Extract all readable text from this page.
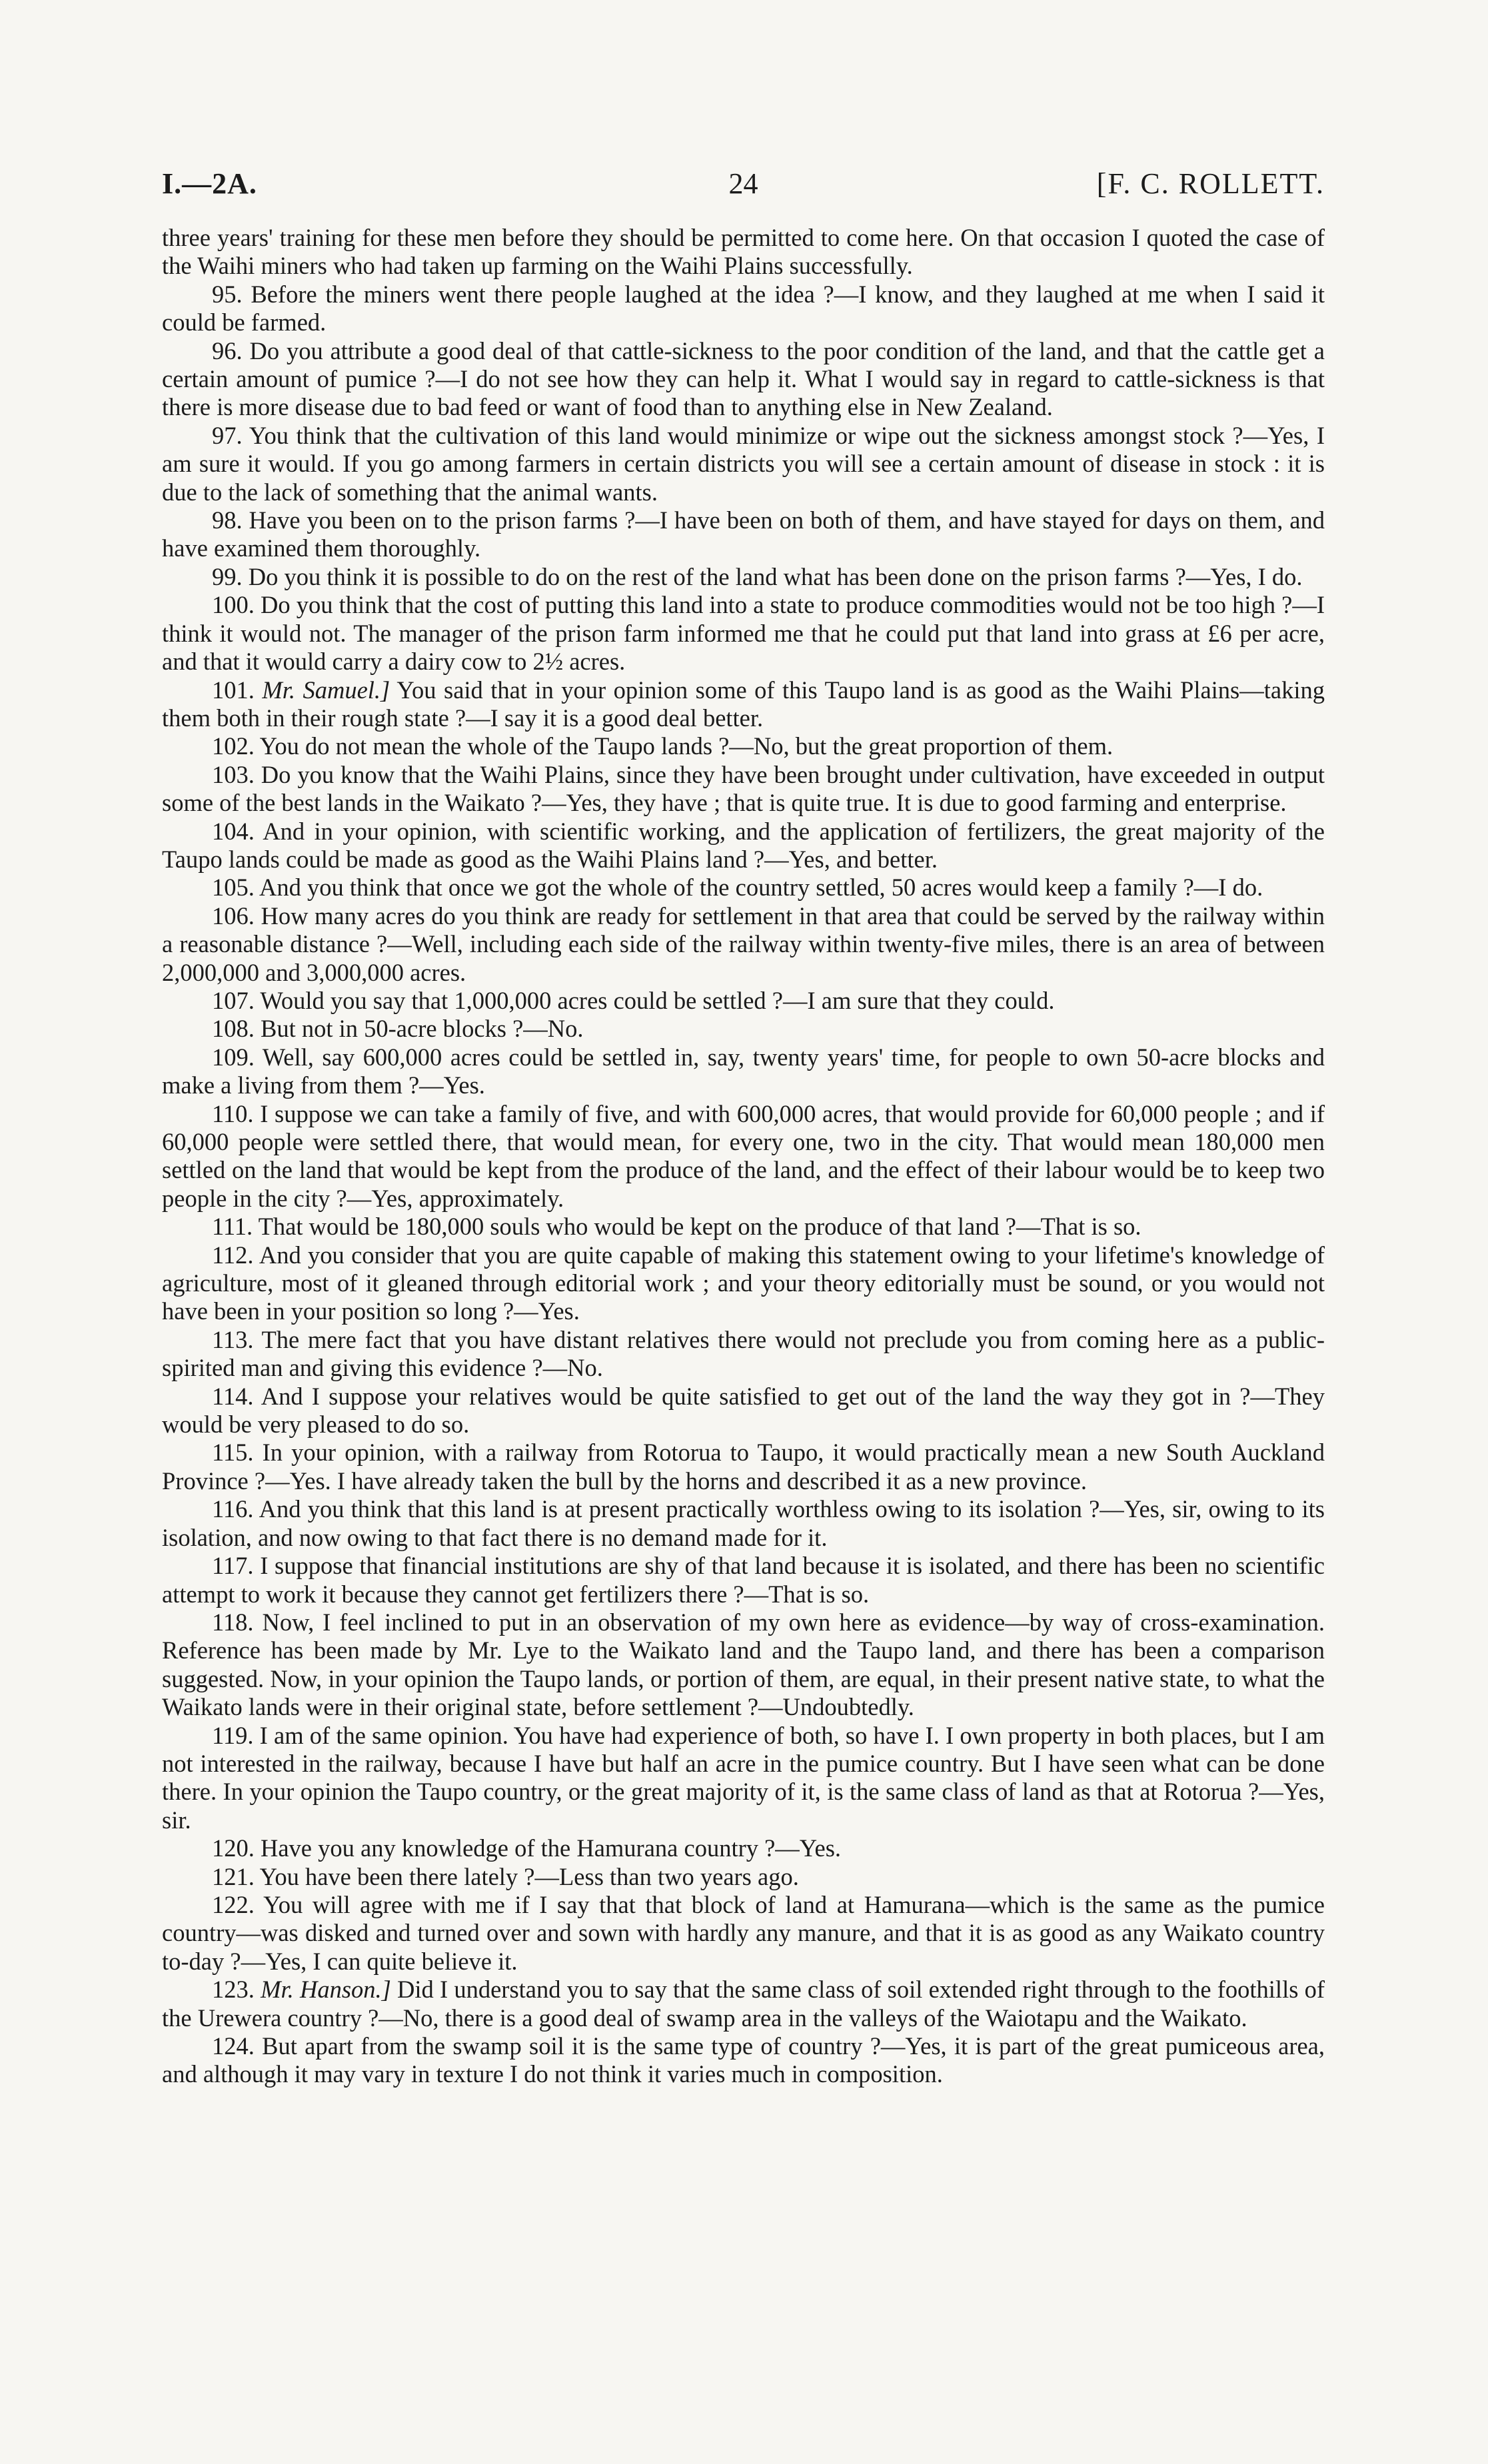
I.—2A.	24	[F. C. ROLLETT.

three years' training for these men before they should be permitted to come here. On that occasion I quoted the case of the Waihi miners who had taken up farming on the Waihi Plains successfully.

95. Before the miners went there people laughed at the idea ?—I know, and they laughed at me when I said it could be farmed.

96. Do you attribute a good deal of that cattle-sickness to the poor condition of the land, and that the cattle get a certain amount of pumice ?—I do not see how they can help it. What I would say in regard to cattle-sickness is that there is more disease due to bad feed or want of food than to anything else in New Zealand.

97. You think that the cultivation of this land would minimize or wipe out the sickness amongst stock ?—Yes, I am sure it would. If you go among farmers in certain districts you will see a certain amount of disease in stock : it is due to the lack of something that the animal wants.

98. Have you been on to the prison farms ?—I have been on both of them, and have stayed for days on them, and have examined them thoroughly.

99. Do you think it is possible to do on the rest of the land what has been done on the prison farms ?—Yes, I do.

100. Do you think that the cost of putting this land into a state to produce commodities would not be too high ?—I think it would not. The manager of the prison farm informed me that he could put that land into grass at £6 per acre, and that it would carry a dairy cow to 2½ acres.

101. Mr. Samuel.] You said that in your opinion some of this Taupo land is as good as the Waihi Plains—taking them both in their rough state ?—I say it is a good deal better.

102. You do not mean the whole of the Taupo lands ?—No, but the great proportion of them.

103. Do you know that the Waihi Plains, since they have been brought under cultivation, have exceeded in output some of the best lands in the Waikato ?—Yes, they have ; that is quite true. It is due to good farming and enterprise.

104. And in your opinion, with scientific working, and the application of fertilizers, the great majority of the Taupo lands could be made as good as the Waihi Plains land ?—Yes, and better.

105. And you think that once we got the whole of the country settled, 50 acres would keep a family ?—I do.

106. How many acres do you think are ready for settlement in that area that could be served by the railway within a reasonable distance ?—Well, including each side of the railway within twenty-five miles, there is an area of between 2,000,000 and 3,000,000 acres.

107. Would you say that 1,000,000 acres could be settled ?—I am sure that they could.

108. But not in 50-acre blocks ?—No.

109. Well, say 600,000 acres could be settled in, say, twenty years' time, for people to own 50-acre blocks and make a living from them ?—Yes.

110. I suppose we can take a family of five, and with 600,000 acres, that would provide for 60,000 people ; and if 60,000 people were settled there, that would mean, for every one, two in the city. That would mean 180,000 men settled on the land that would be kept from the produce of the land, and the effect of their labour would be to keep two people in the city ?—Yes, approximately.

111. That would be 180,000 souls who would be kept on the produce of that land ?—That is so.

112. And you consider that you are quite capable of making this statement owing to your lifetime's knowledge of agriculture, most of it gleaned through editorial work ; and your theory editorially must be sound, or you would not have been in your position so long ?—Yes.

113. The mere fact that you have distant relatives there would not preclude you from coming here as a public-spirited man and giving this evidence ?—No.

114. And I suppose your relatives would be quite satisfied to get out of the land the way they got in ?—They would be very pleased to do so.

115. In your opinion, with a railway from Rotorua to Taupo, it would practically mean a new South Auckland Province ?—Yes. I have already taken the bull by the horns and described it as a new province.

116. And you think that this land is at present practically worthless owing to its isolation ?—Yes, sir, owing to its isolation, and now owing to that fact there is no demand made for it.

117. I suppose that financial institutions are shy of that land because it is isolated, and there has been no scientific attempt to work it because they cannot get fertilizers there ?—That is so.

118. Now, I feel inclined to put in an observation of my own here as evidence—by way of cross-examination. Reference has been made by Mr. Lye to the Waikato land and the Taupo land, and there has been a comparison suggested. Now, in your opinion the Taupo lands, or portion of them, are equal, in their present native state, to what the Waikato lands were in their original state, before settlement ?—Undoubtedly.

119. I am of the same opinion. You have had experience of both, so have I. I own property in both places, but I am not interested in the railway, because I have but half an acre in the pumice country. But I have seen what can be done there. In your opinion the Taupo country, or the great majority of it, is the same class of land as that at Rotorua ?—Yes, sir.

120. Have you any knowledge of the Hamurana country ?—Yes.

121. You have been there lately ?—Less than two years ago.

122. You will agree with me if I say that that block of land at Hamurana—which is the same as the pumice country—was disked and turned over and sown with hardly any manure, and that it is as good as any Waikato country to-day ?—Yes, I can quite believe it.

123. Mr. Hanson.] Did I understand you to say that the same class of soil extended right through to the foothills of the Urewera country ?—No, there is a good deal of swamp area in the valleys of the Waiotapu and the Waikato.

124. But apart from the swamp soil it is the same type of country ?—Yes, it is part of the great pumiceous area, and although it may vary in texture I do not think it varies much in composition.
